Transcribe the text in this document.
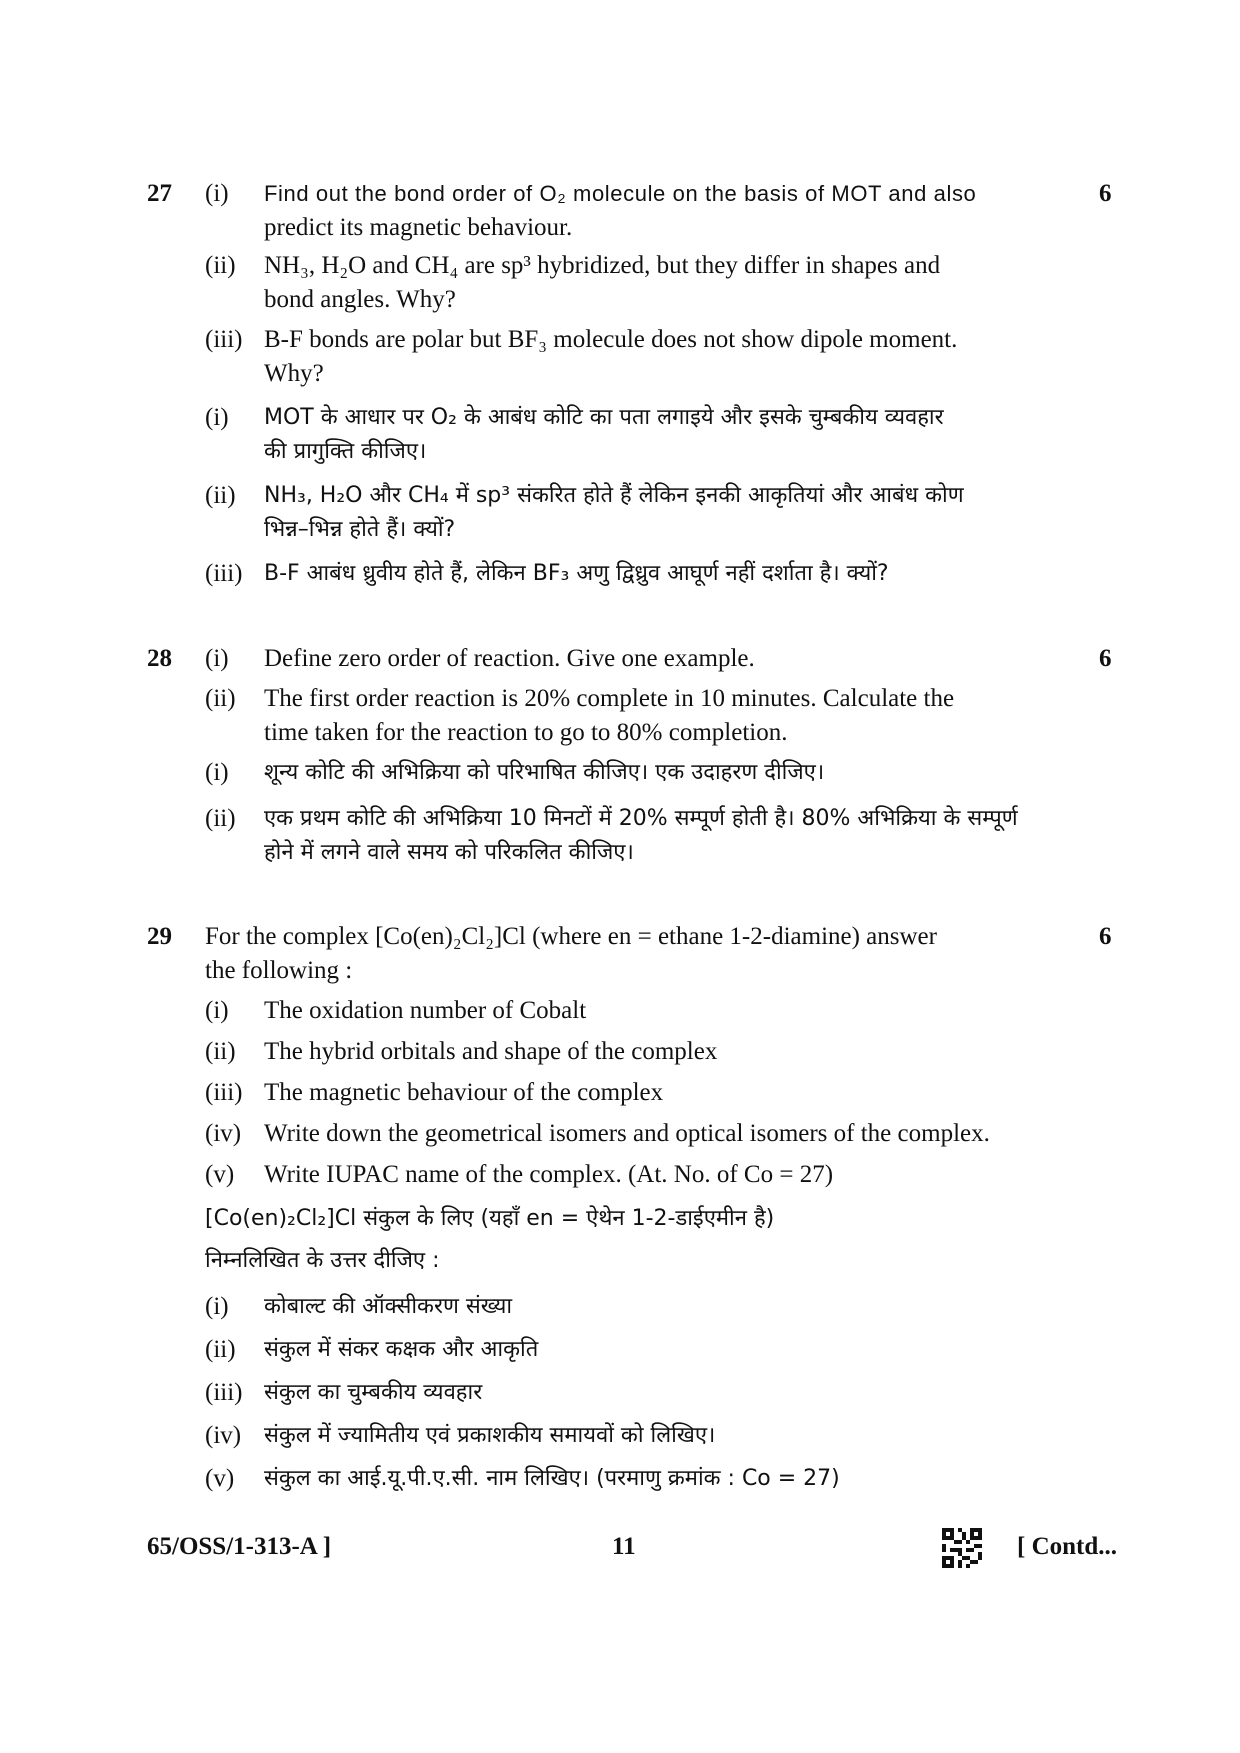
27	6
(i)	Find out the bond order of O₂ molecule on the basis of MOT and also
predict its magnetic behaviour.
(ii)	NH₃, H₂O and CH₄ are sp³ hybridized, but they differ in shapes and
bond angles. Why?
(iii) B-F bonds are polar but BF₃ molecule does not show dipole moment.
Why?
(i)	MOT के आधार पर O₂ के आबंध कोटि का पता लगाइये और इसके चुम्बकीय व्यवहार
की प्रागुक्ति कीजिए।
(ii)	NH₃, H₂O और CH₄ में sp³ संकरित होते हैं लेकिन इनकी आकृतियां और आबंध कोण
भिन्न–भिन्न होते हैं। क्यों?
(iii) B-F आबंध ध्रुवीय होते हैं, लेकिन BF₃ अणु द्विध्रुव आघूर्ण नहीं दर्शाता है। क्यों?
28	6
(i)	Define zero order of reaction. Give one example.
(ii)	The first order reaction is 20% complete in 10 minutes. Calculate the
time taken for the reaction to go to 80% completion.
(i)	शून्य कोटि की अभिक्रिया को परिभाषित कीजिए। एक उदाहरण दीजिए।
(ii)	एक प्रथम कोटि की अभिक्रिया 10 मिनटों में 20% सम्पूर्ण होती है। 80% अभिक्रिया के सम्पूर्ण
होने में लगने वाले समय को परिकलित कीजिए।
29	6
For the complex [Co(en)₂Cl₂]Cl (where en = ethane 1-2-diamine) answer
the following :
(i)	The oxidation number of Cobalt
(ii)	The hybrid orbitals and shape of the complex
(iii) The magnetic behaviour of the complex
(iv) Write down the geometrical isomers and optical isomers of the complex.
(v)	Write IUPAC name of the complex. (At. No. of Co = 27)
[Co(en)₂Cl₂]Cl संकुल के लिए (यहाँ en = ऐथेन 1-2-डाईएमीन है)
निम्नलिखित के उत्तर दीजिए :
(i)	कोबाल्ट की ऑक्सीकरण संख्या
(ii)	संकुल में संकर कक्षक और आकृति
(iii) संकुल का चुम्बकीय व्यवहार
(iv)	संकुल में ज्यामितीय एवं प्रकाशकीय समायवों को लिखिए।
(v)	संकुल का आई.यू.पी.ए.सी. नाम लिखिए। (परमाणु क्रमांक : Co = 27)
65/OSS/1-313-A ]	11	[ Contd...
